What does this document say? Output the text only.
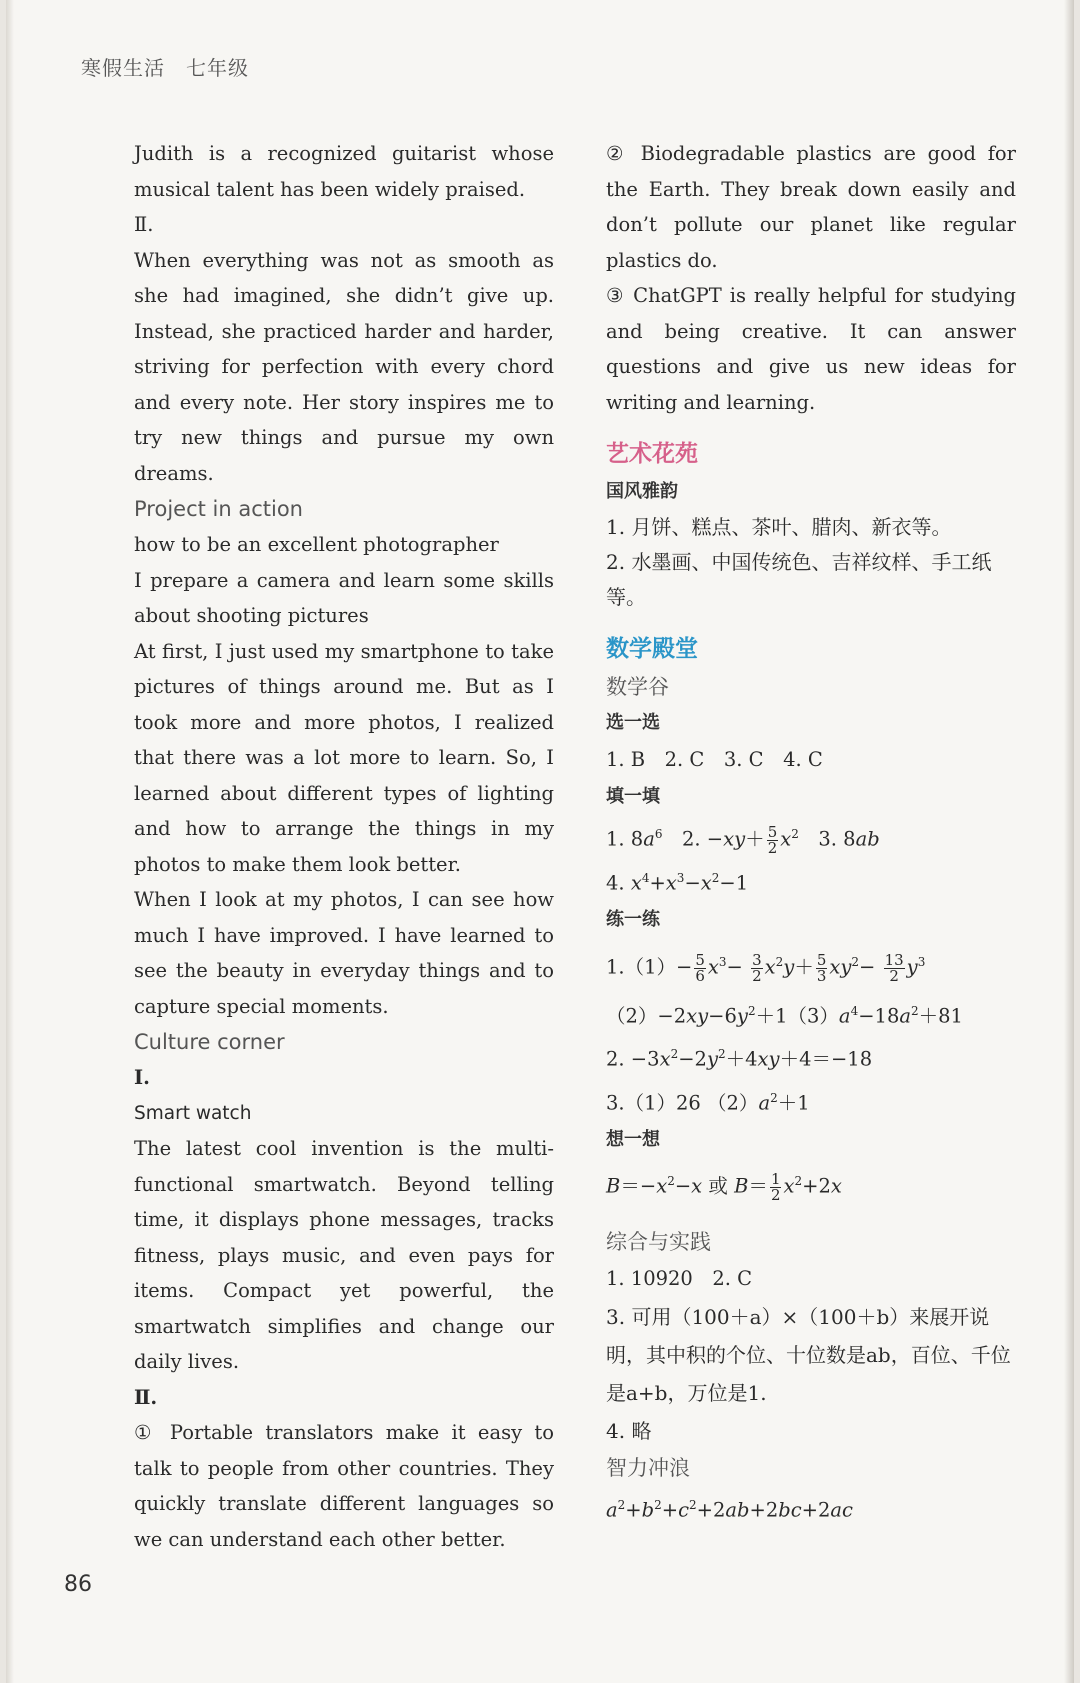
寒假生活　七年级

Judith is a recognized guitarist whose musical talent has been widely praised.

Ⅱ.

When everything was not as smooth as she had imagined, she didn’t give up. Instead, she practiced harder and harder, striving for perfection with every chord and every note. Her story inspires me to try new things and pursue my own dreams.

Project in action

how to be an excellent photographer

I prepare a camera and learn some skills about shooting pictures

At first, I just used my smartphone to take pictures of things around me. But as I took more and more photos, I realized that there was a lot more to learn. So, I learned about different types of lighting and how to arrange the things in my photos to make them look better.

When I look at my photos, I can see how much I have improved. I have learned to see the beauty in everyday things and to capture special moments.

Culture corner

Ⅰ.

Smart watch

The latest cool invention is the multi-functional smartwatch. Beyond telling time, it displays phone messages, tracks fitness, plays music, and even pays for items. Compact yet powerful, the smartwatch simplifies and change our daily lives.

Ⅱ.

① Portable translators make it easy to talk to people from other countries. They quickly translate different languages so we can understand each other better.

② Biodegradable plastics are good for the Earth. They break down easily and don’t pollute our planet like regular plastics do.

③ ChatGPT is really helpful for studying and being creative. It can answer questions and give us new ideas for writing and learning.

艺术花苑
国风雅韵

1. 月饼、糕点、茶叶、腊肉、新衣等。

2. 水墨画、中国传统色、吉祥纹样、手工纸等。

数学殿堂
数学谷
选一选

1. B　2. C　3. C　4. C

填一填

1. $8a^6$　2. $-xy+ \frac{5}{2} x^2$　3. 8ab

4. $x^4+x^3-x^2-1$

练一练

$1.(1)- \frac{5}{6} x^3- \frac{3}{2} x^2y+ \frac{5}{3} xy^2- \frac{13}{2} y^3$

$(2)-2xy-6y^2+1(3)a^4-18a^2+81$

2. $-3x^2-2y^2+4xy+4=-18$

3.（1）26 $(2)a^2+1$

想一想

$B=-x^2-x$ 或 $B= \frac{1}{2} x^2+2x$

综合与实践

1. 10920　2. C

3. 可用（100＋a）×（100＋b）来展开说明，其中积的个位、十位数是ab，百位、千位是a+b，万位是1.

4. 略

智力冲浪

$a^2+b^2+c^2+2ab+2bc+2ac$

86
